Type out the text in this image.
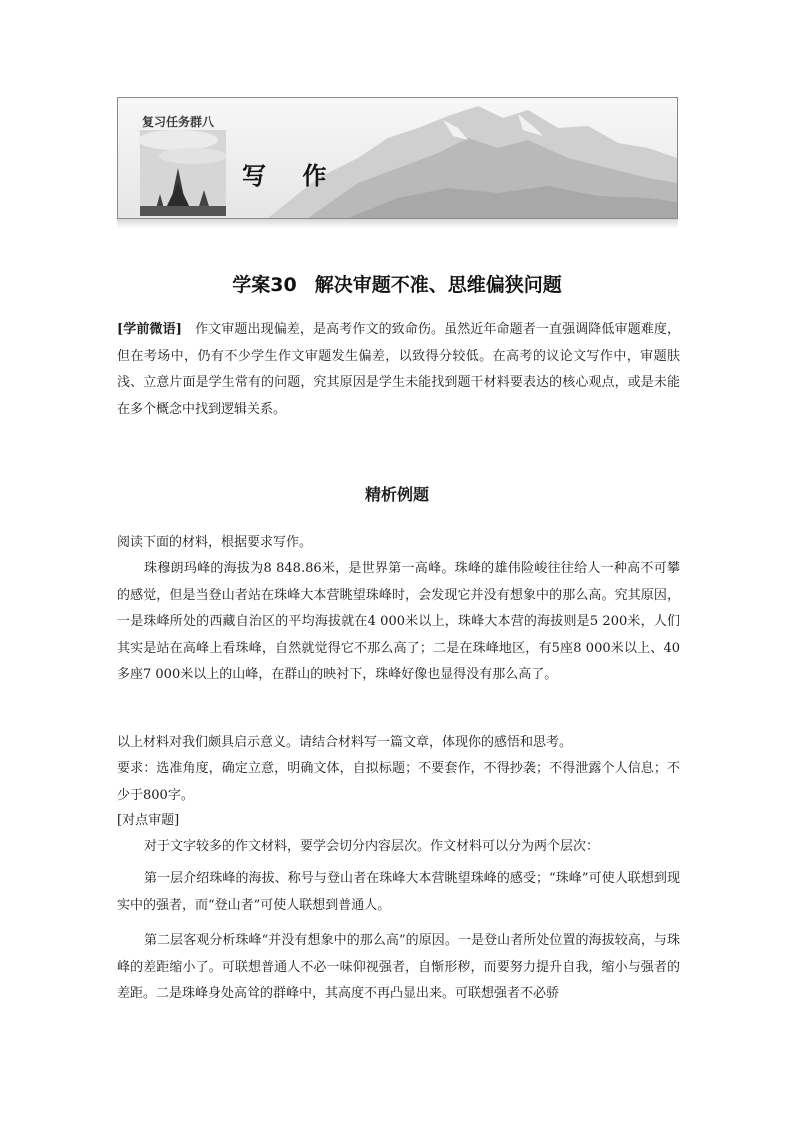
复习任务群八
写 作
学案30 解决审题不准、思维偏狭问题

[学前微语]　 作文审题出现偏差，是高考作文的致命伤。虽然近年命题者一直强调降低审题难度，但在考场中，仍有不少学生作文审题发生偏差，以致得分较低。在高考的议论文写作中，审题肤浅、立意片面是学生常有的问题，究其原因是学生未能找到题干材料要表达的核心观点，或是未能在多个概念中找到逻辑关系。

精析例题

阅读下面的材料，根据要求写作。

珠穆朗玛峰的海拔为8 848.86米，是世界第一高峰。珠峰的雄伟险峻往往给人一种高不可攀的感觉，但是当登山者站在珠峰大本营眺望珠峰时，会发现它并没有想象中的那么高。究其原因，一是珠峰所处的西藏自治区的平均海拔就在4 000米以上，珠峰大本营的海拔则是5 200米，人们其实是站在高峰上看珠峰，自然就觉得它不那么高了；二是在珠峰地区，有5座8 000米以上、40多座7 000米以上的山峰，在群山的映衬下，珠峰好像也显得没有那么高了。

以上材料对我们颇具启示意义。请结合材料写一篇文章，体现你的感悟和思考。

要求：选准角度，确定立意，明确文体，自拟标题；不要套作，不得抄袭；不得泄露个人信息；不少于800字。

[对点审题]

对于文字较多的作文材料，要学会切分内容层次。作文材料可以分为两个层次：

第一层介绍珠峰的海拔、称号与登山者在珠峰大本营眺望珠峰的感受；“珠峰”可使人联想到现实中的强者，而“登山者”可使人联想到普通人。

第二层客观分析珠峰“并没有想象中的那么高”的原因。一是登山者所处位置的海拔较高，与珠峰的差距缩小了。可联想普通人不必一味仰视强者，自惭形秽，而要努力提升自我，缩小与强者的差距。二是珠峰身处高耸的群峰中，其高度不再凸显出来。可联想强者不必骄
